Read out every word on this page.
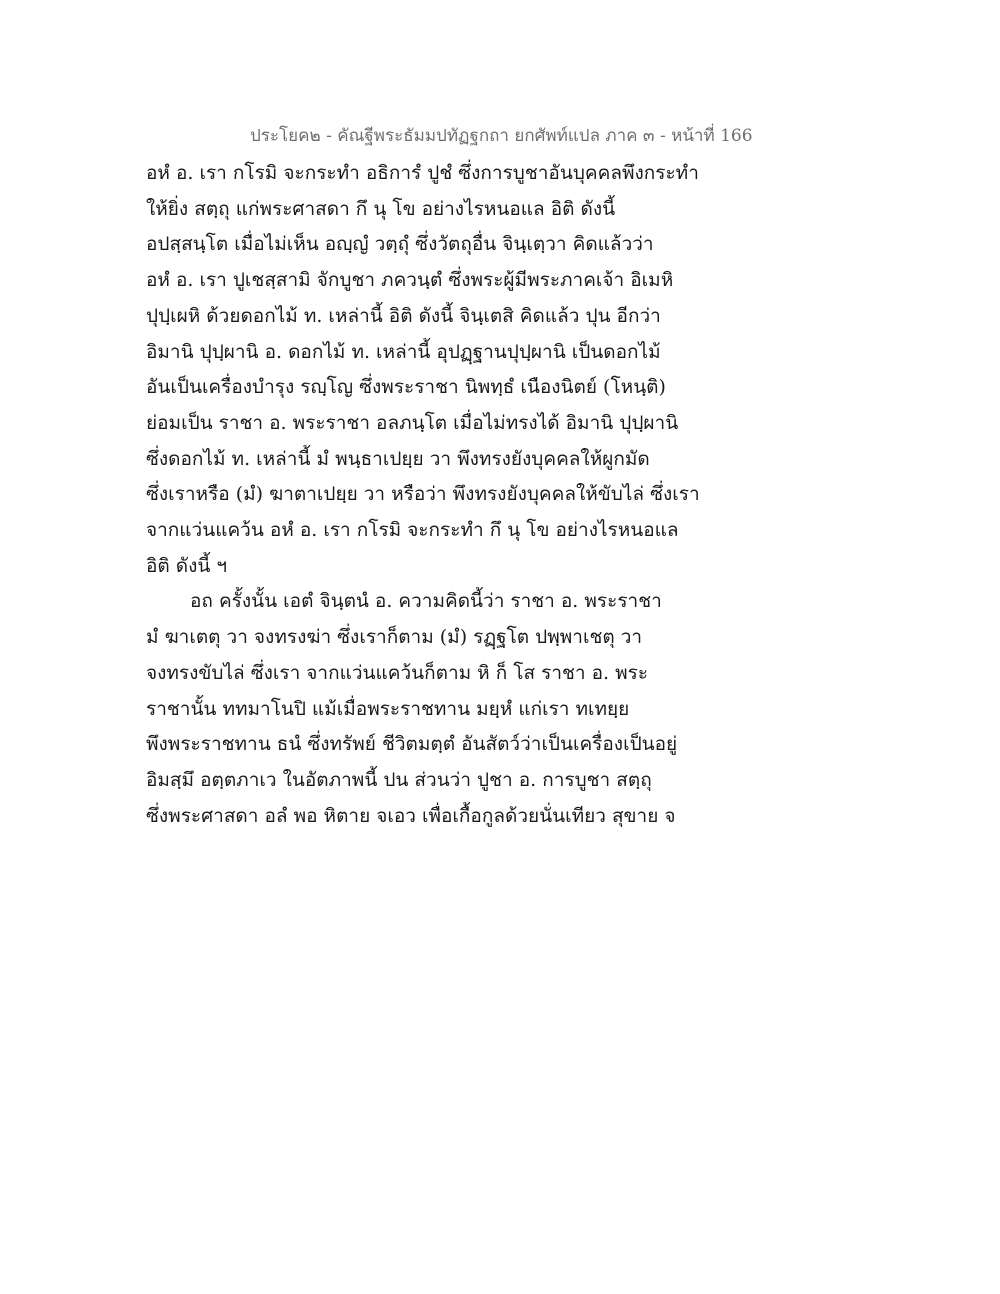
ประโยค๒ - คัณฐีพระธัมมปทัฏฐกถา ยกศัพท์แปล ภาค ๓ - หน้าที่ 166
อหํ อ. เรา กโรมิ จะกระทำ อธิการํ ปูชํ ซึ่งการบูชาอันบุคคลพึงกระทำ
ให้ยิ่ง สตฺถุ แก่พระศาสดา กึ นุ โข อย่างไรหนอแล อิติ ดังนี้
อปสฺสนฺโต เมื่อไม่เห็น อญฺญํ วตฺถุํ ซึ่งวัตถุอื่น จินฺเตฺวา คิดแล้วว่า
อหํ อ. เรา ปูเชสฺสามิ จักบูชา ภควนฺตํ ซึ่งพระผู้มีพระภาคเจ้า อิเมหิ
ปุปฺเผหิ ด้วยดอกไม้ ท. เหล่านี้ อิติ ดังนี้ จินฺเตสิ คิดแล้ว ปุน อีกว่า
อิมานิ ปุปฺผานิ อ. ดอกไม้ ท. เหล่านี้ อุปฏฺฐานปุปฺผานิ เป็นดอกไม้
อันเป็นเครื่องบำรุง รญฺโญ ซึ่งพระราชา นิพทฺธํ เนืองนิตย์ (โหนฺติ)
ย่อมเป็น ราชา อ. พระราชา อลภนฺโต เมื่อไม่ทรงได้ อิมานิ ปุปฺผานิ
ซึ่งดอกไม้ ท. เหล่านี้ มํ พนฺธาเปยฺย วา พึงทรงยังบุคคลให้ผูกมัด
ซึ่งเราหรือ (มํ) ฆาตาเปยฺย วา หรือว่า พึงทรงยังบุคคลให้ขับไล่ ซึ่งเรา
จากแว่นแคว้น อหํ อ. เรา กโรมิ จะกระทำ กึ นุ โข อย่างไรหนอแล
อิติ ดังนี้ ฯ
อถ ครั้งนั้น เอตํ จินฺตนํ อ. ความคิดนี้ว่า ราชา อ. พระราชา
มํ ฆาเตตุ วา จงทรงฆ่า ซึ่งเราก็ตาม (มํ) รฏฺฐโต ปพฺพาเชตุ วา
จงทรงขับไล่ ซึ่งเรา จากแว่นแคว้นก็ตาม หิ ก็ โส ราชา อ. พระ
ราชานั้น ททมาโนปิ แม้เมื่อพระราชทาน มยฺหํ แก่เรา ทเทยฺย
พึงพระราชทาน ธนํ ซึ่งทรัพย์ ชีวิตมตฺตํ อันสัตว์ว่าเป็นเครื่องเป็นอยู่
อิมสฺมึ อตฺตภาเว ในอัตภาพนี้ ปน ส่วนว่า ปูชา อ. การบูชา สตฺถุ
ซึ่งพระศาสดา อลํ พอ หิตาย จเอว เพื่อเกื้อกูลด้วยนั่นเทียว สุขาย จ
